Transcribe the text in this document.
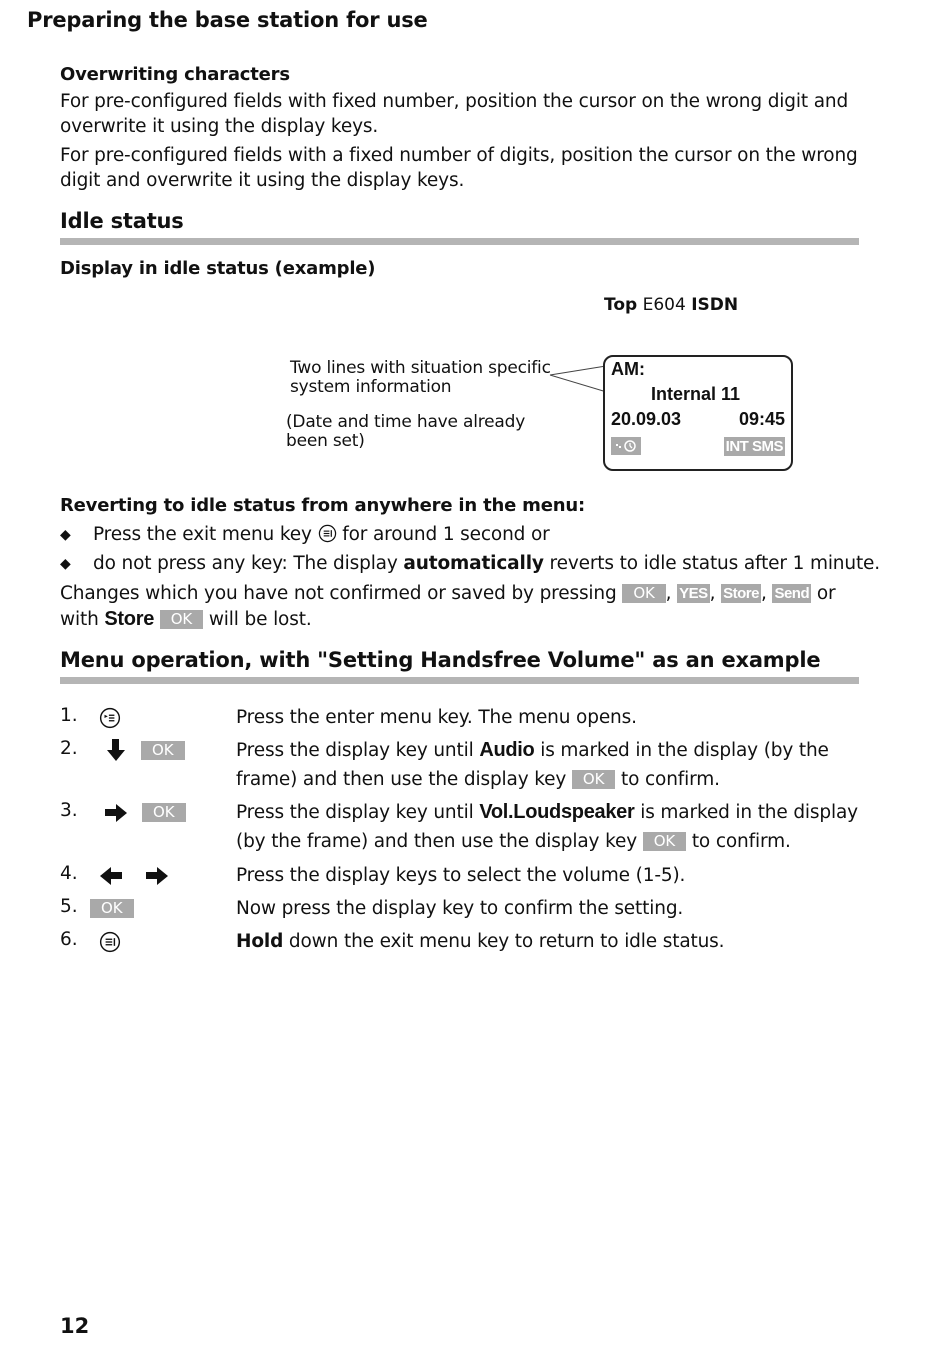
Preparing the base station for use
Overwriting characters
For pre-configured fields with fixed number, position the cursor on the wrong digit and overwrite it using the display keys.
For pre-configured fields with a fixed number of digits, position the cursor on the wrong digit and overwrite it using the display keys.
Idle status
Display in idle status (example)
Top E604 ISDN
Two lines with situation specific system information
(Date and time have already been set)
AM:
Internal 11
20.09.03	09:45
INT SMS
Reverting to idle status from anywhere in the menu:
◆ Press the exit menu key for around 1 second or
◆ do not press any key: The display automatically reverts to idle status after 1 minute.
Changes which you have not confirmed or saved by pressing OK , YES , Store , Send or
with Store OK will be lost.
Menu operation, with "Setting Handsfree Volume" as an example
1.	Press the enter menu key. The menu opens.
2.	OK	Press the display key until Audio is marked in the display (by the frame) and then use the display key OK to confirm.
3.	OK	Press the display key until Vol.Loudspeaker is marked in the display (by the frame) and then use the display key OK to confirm.
4.	Press the display keys to select the volume (1-5).
5.	OK	Now press the display key to confirm the setting.
6.	Hold down the exit menu key to return to idle status.
12
